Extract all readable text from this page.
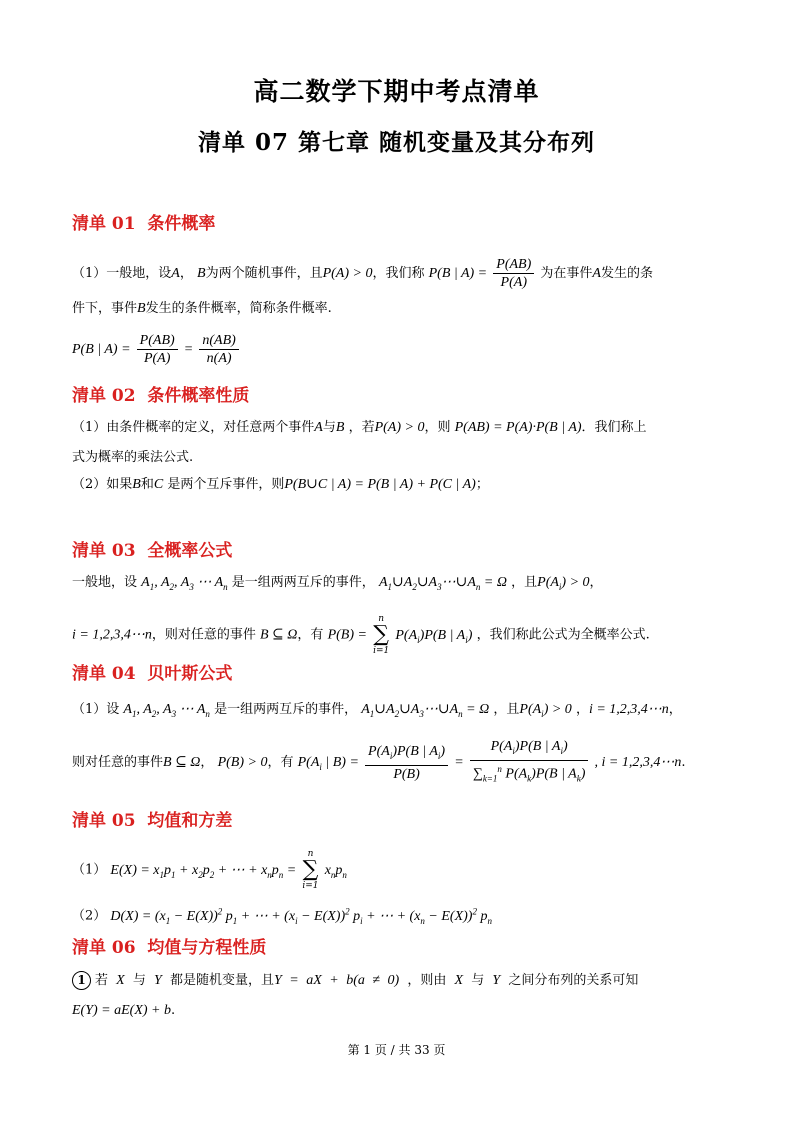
高二数学下期中考点清单
清单 07 第七章 随机变量及其分布列
清单 01 条件概率
（1）一般地，设A， B为两个随机事件，且P(A) > 0，我们称 P(B | $A) = \frac{P(AB)}{P(A)}$ 为在事件A发生的条
件下，事件B发生的条件概率，简称条件概率.
P(B | $A) = \frac{P(AB)}{P(A)} = \frac{n(AB)}{n(A)}$
清单 02 条件概率性质
（1）由条件概率的定义，对任意两个事件A与B ，若P(A) > 0，则 P(AB) = P(A)·P(B | A)．我们称上
式为概率的乘法公式.
（2）如果B和C 是两个互斥事件，则P(B∪C | A) = P(B | A) + P(C | A)；
清单 03 全概率公式
一般地，设 $A_1$, $A_2$, $A_3$ ⋯ $A_n$ 是一组两两互斥的事件， $A_1\cup A_2\cup A_3\cdots\cup A_n = \Omega$ ，且$P(A_i) > 0$，
i = 1,2,3,4⋯n，则对任意的事件 B ⊆ Ω，有 P(B) =
n
∑
i=1
$P(A_i)P(B$ | $A_i$) ，我们称此公式为全概率公式.
清单 04 贝叶斯公式
（1）设 $A_1$, $A_2$, $A_3$ ⋯ $A_n$ 是一组两两互斥的事件， $A_1\cup A_2\cup A_3\cdots\cup A_n = \Omega$ ，且$P(A_i) > 0$ ，i = 1,2,3,4⋯n，
则对任意的事件B ⊆ Ω， P(B) > 0，有 $P(A_i$ | $B) = \frac{P(A_i)P(B | A_i)}{P(B)} = \frac{P(A_i)P(B | A_i)}{\sum_{k=1}^n P(A_k)P(B | A_k)}$ , i = 1,2,3,4⋯n.
清单 05 均值和方差
（1） $E(X) = x_1p_1 + x_2p_2$ + ⋯ + $x_np_n$ =
n
∑
i=1
$x_np_n$
（2） $D(X) = (x_1 - E(X))^2$ $p_1$ + ⋯ + $(x_i - E(X))^2$ $p_i$ + ⋯ + $(x_n - E(X))^2$ $p_n$
清单 06 均值与方程性质
1 若 X 与 Y 都是随机变量，且Y = aX + b(a ≠ 0) ，则由 X 与 Y 之间分布列的关系可知
E(Y) = aE(X) + b.
第 1 页 / 共 33 页
